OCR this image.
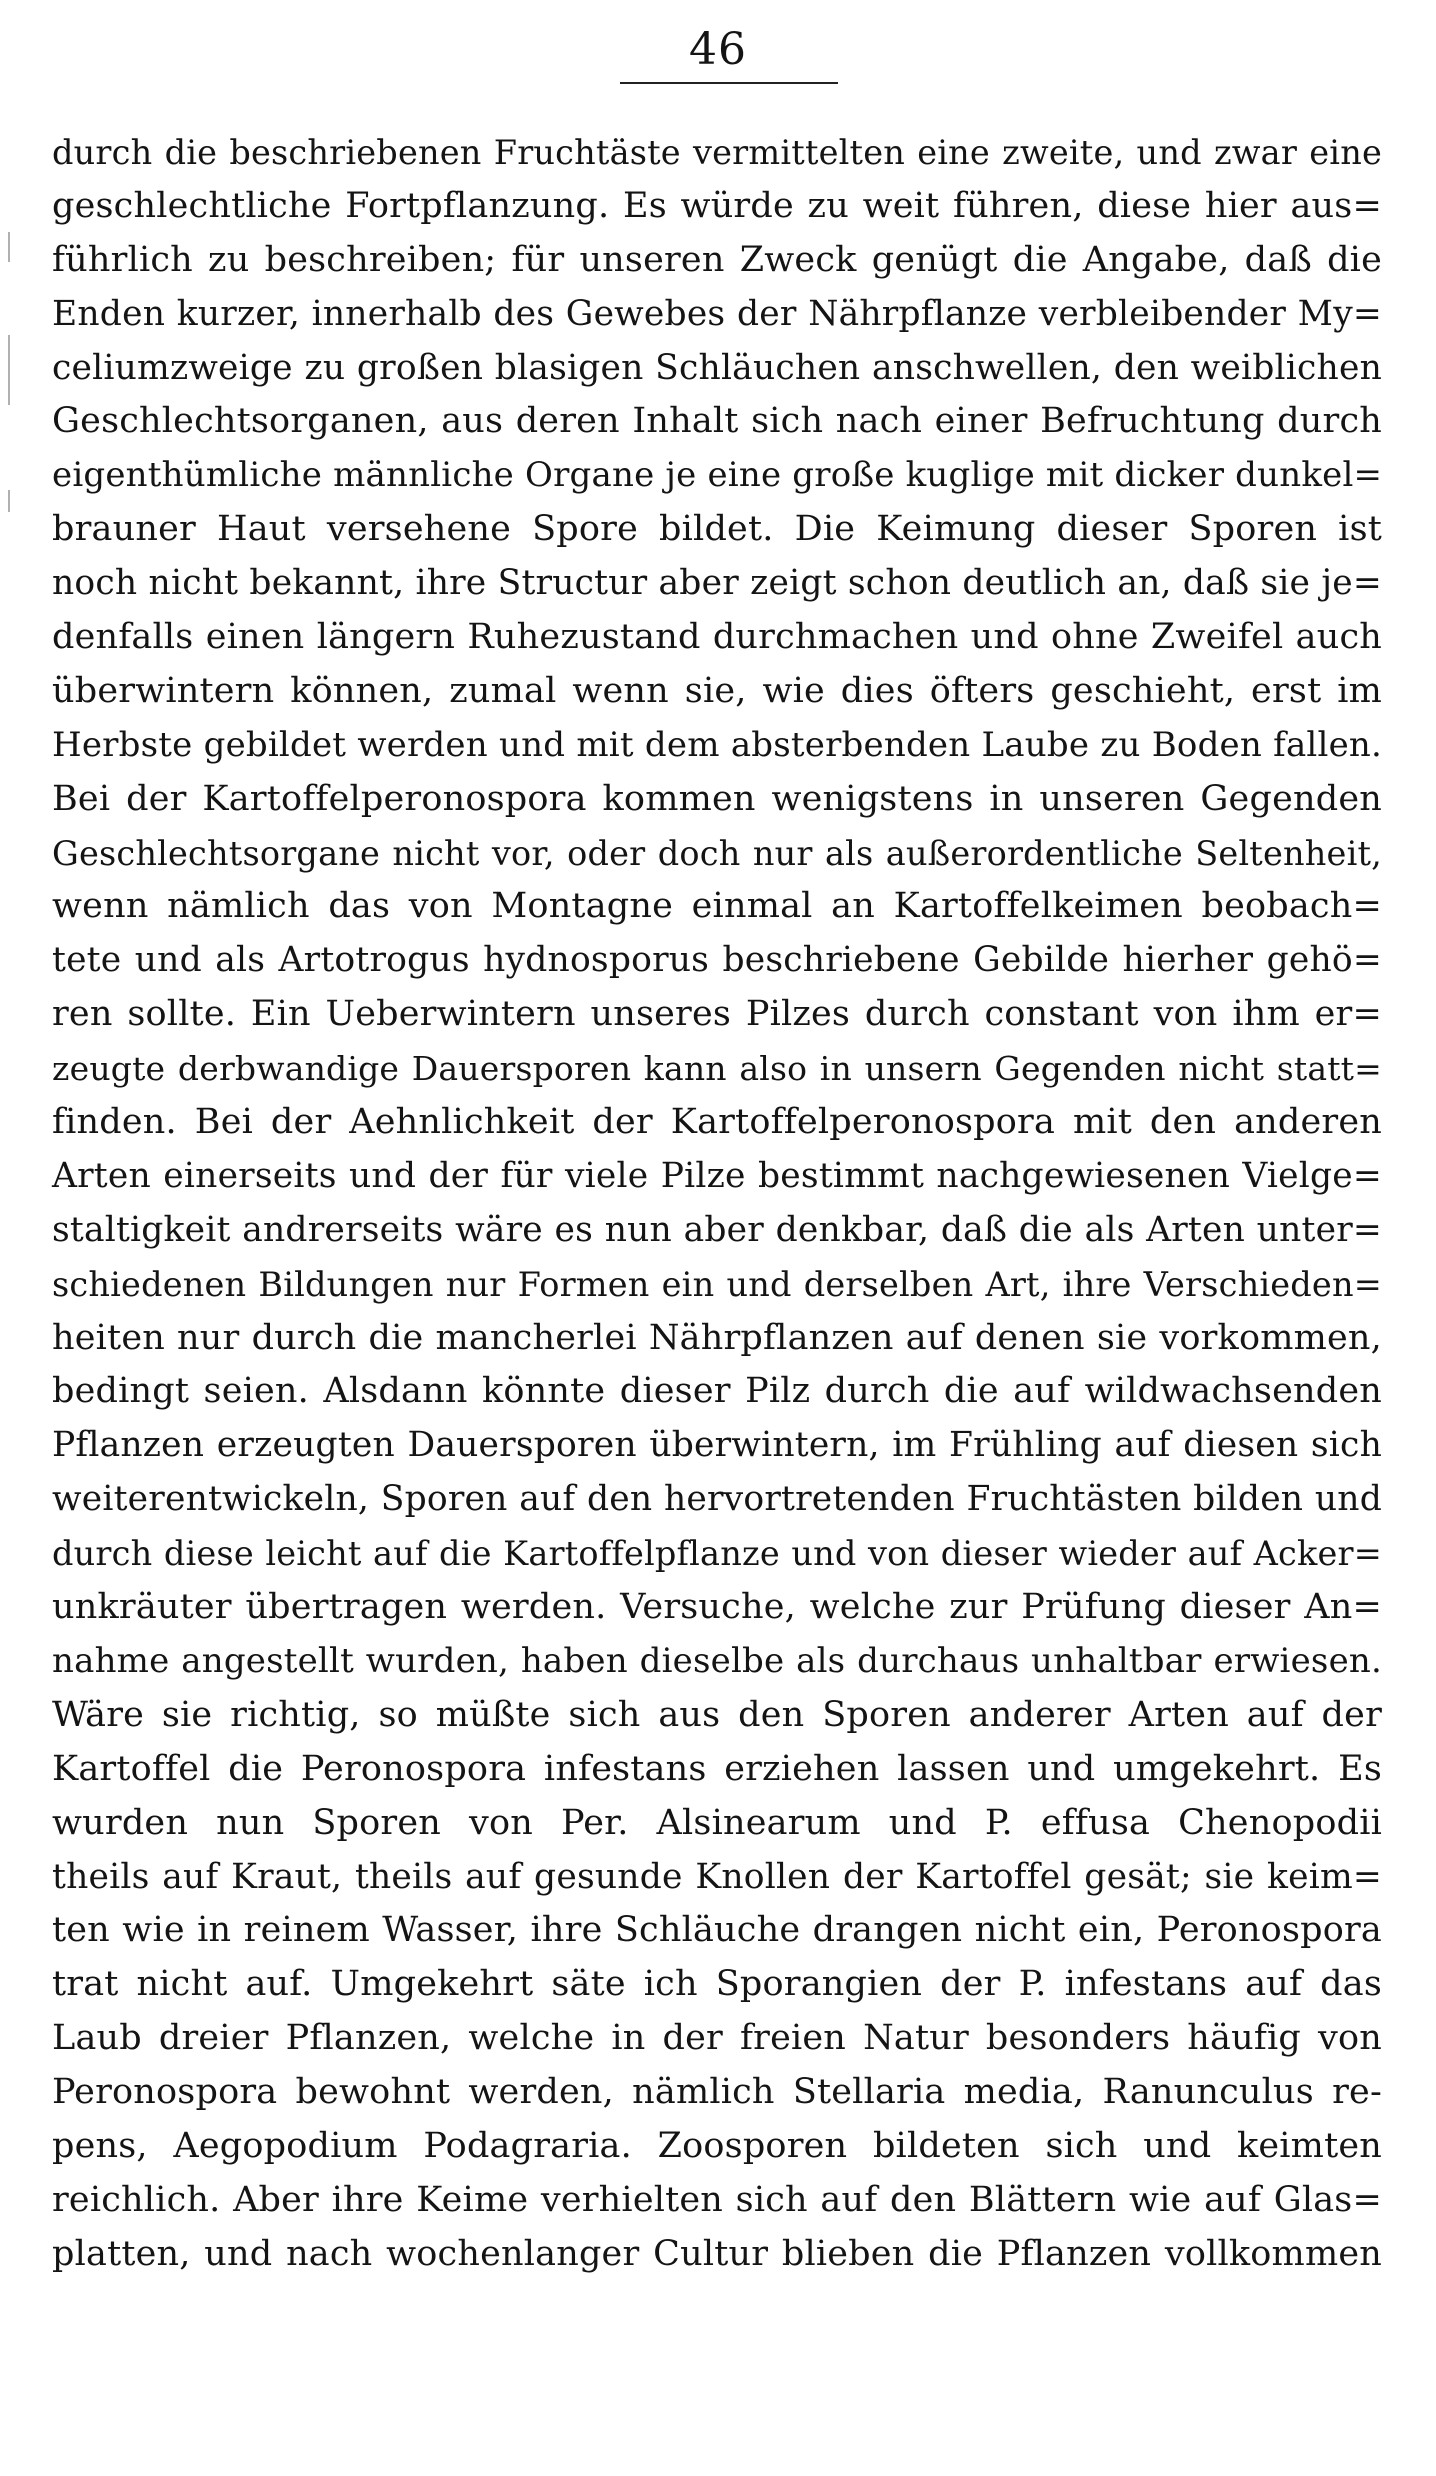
46
durch die beschriebenen Fruchtäste vermittelten eine zweite, und zwar eine
geschlechtliche Fortpflanzung. Es würde zu weit führen, diese hier aus=
führlich zu beschreiben; für unseren Zweck genügt die Angabe, daß die
Enden kurzer, innerhalb des Gewebes der Nährpflanze verbleibender My=
celiumzweige zu großen blasigen Schläuchen anschwellen, den weiblichen
Geschlechtsorganen, aus deren Inhalt sich nach einer Befruchtung durch
eigenthümliche männliche Organe je eine große kuglige mit dicker dunkel=
brauner Haut versehene Spore bildet. Die Keimung dieser Sporen ist
noch nicht bekannt, ihre Structur aber zeigt schon deutlich an, daß sie je=
denfalls einen längern Ruhezustand durchmachen und ohne Zweifel auch
überwintern können, zumal wenn sie, wie dies öfters geschieht, erst im
Herbste gebildet werden und mit dem absterbenden Laube zu Boden fallen.
Bei der Kartoffelperonospora kommen wenigstens in unseren Gegenden
Geschlechtsorgane nicht vor, oder doch nur als außerordentliche Seltenheit,
wenn nämlich das von Montagne einmal an Kartoffelkeimen beobach=
tete und als Artotrogus hydnosporus beschriebene Gebilde hierher gehö=
ren sollte. Ein Ueberwintern unseres Pilzes durch constant von ihm er=
zeugte derbwandige Dauersporen kann also in unsern Gegenden nicht statt=
finden. Bei der Aehnlichkeit der Kartoffelperonospora mit den anderen
Arten einerseits und der für viele Pilze bestimmt nachgewiesenen Vielge=
staltigkeit andrerseits wäre es nun aber denkbar, daß die als Arten unter=
schiedenen Bildungen nur Formen ein und derselben Art, ihre Verschieden=
heiten nur durch die mancherlei Nährpflanzen auf denen sie vorkommen,
bedingt seien. Alsdann könnte dieser Pilz durch die auf wildwachsenden
Pflanzen erzeugten Dauersporen überwintern, im Frühling auf diesen sich
weiterentwickeln, Sporen auf den hervortretenden Fruchtästen bilden und
durch diese leicht auf die Kartoffelpflanze und von dieser wieder auf Acker=
unkräuter übertragen werden. Versuche, welche zur Prüfung dieser An=
nahme angestellt wurden, haben dieselbe als durchaus unhaltbar erwiesen.
Wäre sie richtig, so müßte sich aus den Sporen anderer Arten auf der
Kartoffel die Peronospora infestans erziehen lassen und umgekehrt. Es
wurden nun Sporen von Per. Alsinearum und P. effusa Chenopodii
theils auf Kraut, theils auf gesunde Knollen der Kartoffel gesät; sie keim=
ten wie in reinem Wasser, ihre Schläuche drangen nicht ein, Peronospora
trat nicht auf. Umgekehrt säte ich Sporangien der P. infestans auf das
Laub dreier Pflanzen, welche in der freien Natur besonders häufig von
Peronospora bewohnt werden, nämlich Stellaria media, Ranunculus re-
pens, Aegopodium Podagraria. Zoosporen bildeten sich und keimten
reichlich. Aber ihre Keime verhielten sich auf den Blättern wie auf Glas=
platten, und nach wochenlanger Cultur blieben die Pflanzen vollkommen
